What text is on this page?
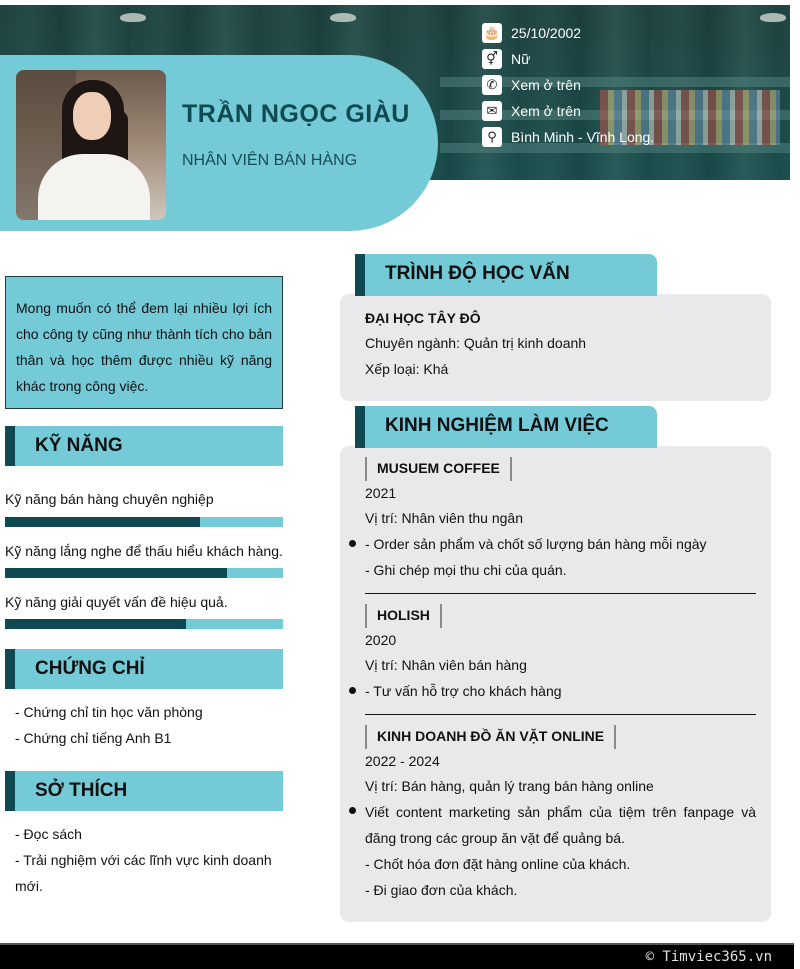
TRẦN NGỌC GIÀU
NHÂN VIÊN BÁN HÀNG
🎂 25/10/2002
⚥ Nữ
✆ Xem ở trên
✉ Xem ở trên
⚲	Bình Minh - Vĩnh Long.
Mong muốn có thể đem lại nhiều lợi ích cho công ty cũng như thành tích cho bản thân và học thêm được nhiều kỹ năng khác trong công việc.
KỸ NĂNG
Kỹ năng bán hàng chuyên nghiệp
Kỹ năng lắng nghe để thấu hiểu khách hàng.
Kỹ năng giải quyết vấn đề hiệu quả.
CHỨNG CHỈ
- Chứng chỉ tin học văn phòng
- Chứng chỉ tiếng Anh B1
SỞ THÍCH
- Đọc sách
- Trải nghiệm với các lĩnh vực kinh doanh mới.
TRÌNH ĐỘ HỌC VẤN
ĐẠI HỌC TÂY ĐÔ
Chuyên ngành: Quản trị kinh doanh
Xếp loại: Khá
KINH NGHIỆM LÀM VIỆC
MUSUEM COFFEE
2021
Vị trí: Nhân viên thu ngân
- Order sản phẩm và chốt số lượng bán hàng mỗi ngày
- Ghi chép mọi thu chi của quán.
HOLISH
2020
Vị trí: Nhân viên bán hàng
- Tư vấn hỗ trợ cho khách hàng
KINH DOANH ĐỒ ĂN VẶT ONLINE
2022 - 2024
Vị trí: Bán hàng, quản lý trang bán hàng online
Viết content marketing sản phẩm của tiệm trên fanpage và đăng trong các group ăn vặt để quảng bá.
- Chốt hóa đơn đặt hàng online của khách.
- Đi giao đơn của khách.
© Timviec365.vn
